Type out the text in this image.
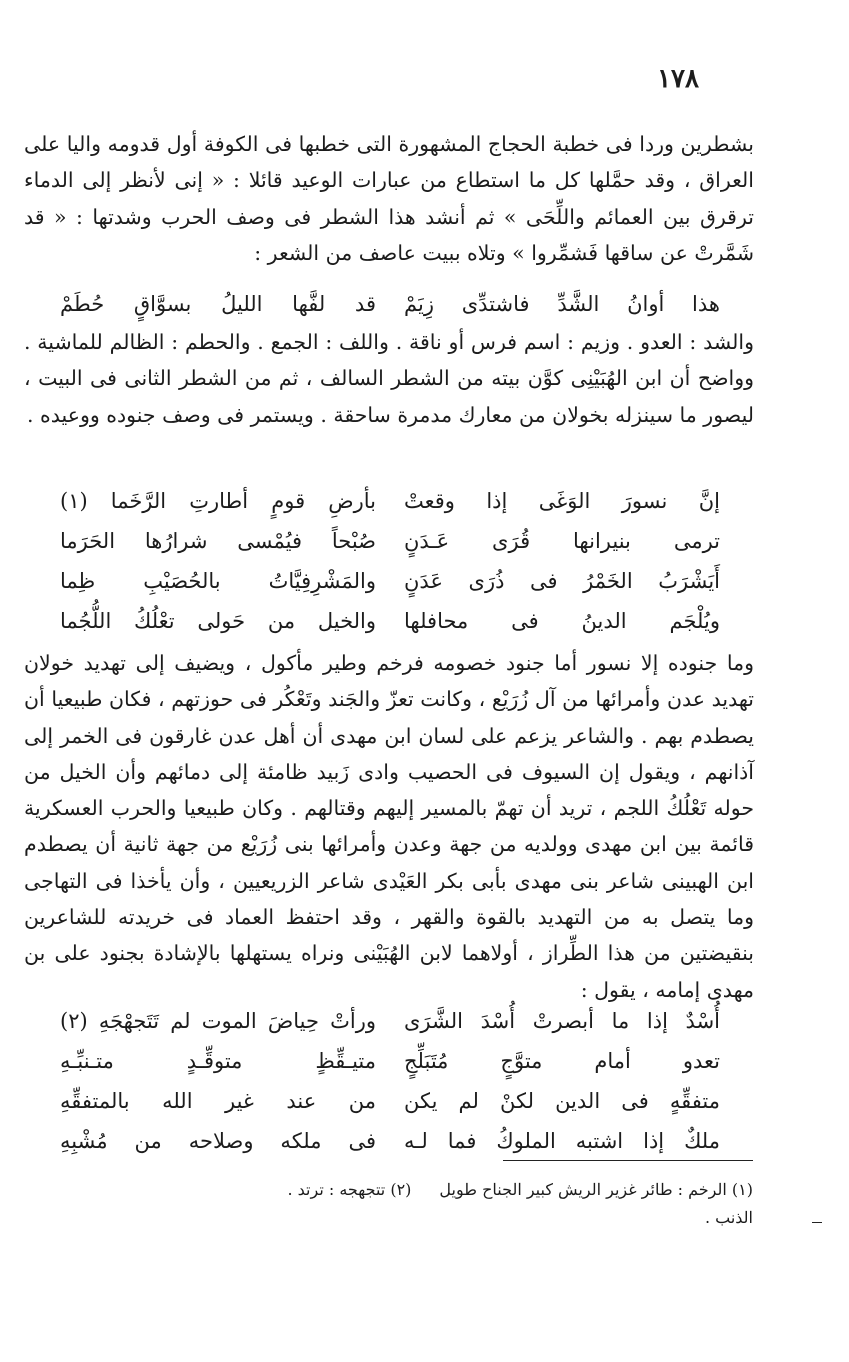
١٧٨
بشطرين وردا فى خطبة الحجاج المشهورة التى خطبها فى الكوفة أول قدومه واليا على العراق ، وقد حمَّلها كل ما استطاع من عبارات الوعيد قائلا : « إنى لأنظر إلى الدماء ترقرق بين العمائم واللِّحَى » ثم أنشد هذا الشطر فى وصف الحرب وشدتها : « قد شَمَّرتْ عن ساقها فَشمِّروا » وتلاه ببيت عاصف من الشعر :
هذا أوانُ الشَّدِّ فاشتدِّى زِيَمْ
قد لفَّها الليلُ بسوَّاقٍ حُطَمْ
والشد : العدو . وزيم : اسم فرس أو ناقة . واللف : الجمع . والحطم : الظالم للماشية . وواضح أن ابن الهُبَيْنِى كوَّن بيته من الشطر السالف ، ثم من الشطر الثانى فى البيت ، ليصور ما سينزله بخولان من معارك مدمرة ساحقة . ويستمر فى وصف جنوده ووعيده .
إنَّ نسورَ الوَغَى إذا وقعتْ
بأرضِ قومٍ أطارتِ الرَّخَما (١)
ترمى بنيرانها قُرَى عَـدَنٍ
صُبْحاً فيُمْسى شرارُها الحَرَما
أَيَشْرَبُ الخَمْرُ فى ذُرَى عَدَنٍ
والمَشْرِفِيَّاتُ بالحُصَيْبِ ظِما
ويُلْجَم الدينُ فى محافلها
والخيل من حَولى تعْلُكُ اللُّجُما
وما جنوده إلا نسور أما جنود خصومه فرخم وطير مأكول ، ويضيف إلى تهديد خولان تهديد عدن وأمرائها من آل زُرَيْع ، وكانت تعزّ والجَند وتَعْكُر فى حوزتهم ، فكان طبيعيا أن يصطدم بهم . والشاعر يزعم على لسان ابن مهدى أن أهل عدن غارقون فى الخمر إلى آذانهم ، ويقول إن السيوف فى الحصيب وادى زَبيد ظامئة إلى دمائهم وأن الخيل من حوله تَعْلُكُ اللجم ، تريد أن تهمّ بالمسير إليهم وقتالهم . وكان طبيعيا والحرب العسكرية قائمة بين ابن مهدى وولديه من جهة وعدن وأمرائها بنى زُرَيْع من جهة ثانية أن يصطدم ابن الهبينى شاعر بنى مهدى بأبى بكر العَيْدى شاعر الزريعيين ، وأن يأخذا فى التهاجى وما يتصل به من التهديد بالقوة والقهر ، وقد احتفظ العماد فى خريدته للشاعرين بنقيضتين من هذا الطِّراز ، أولاهما لابن الهُبَيْنى ونراه يستهلها بالإشادة بجنود على بن مهدى إمامه ، يقول :
أُسْدٌ إذا ما أبصرتْ أُسْدَ الشَّرَى
ورأتْ حِياضَ الموت لم تَتَجهْجَهِ (٢)
تعدو أمام متوَّجٍ مُتَبَلِّجٍ
متيـقِّظٍ متوقِّـدٍ متـنبِّـهِ
متفقِّهٍ فى الدين لكنْ لم يكن
من عند غير الله بالمتفقِّهِ
ملكٌ إذا اشتبه الملوكُ فما لـه
فى ملكه وصلاحه من مُشْبِهِ
(١) الرخم : طائر غزير الريش كبير الجناح طويل(٢) تتجهجه : ترتد .
الذنب .
